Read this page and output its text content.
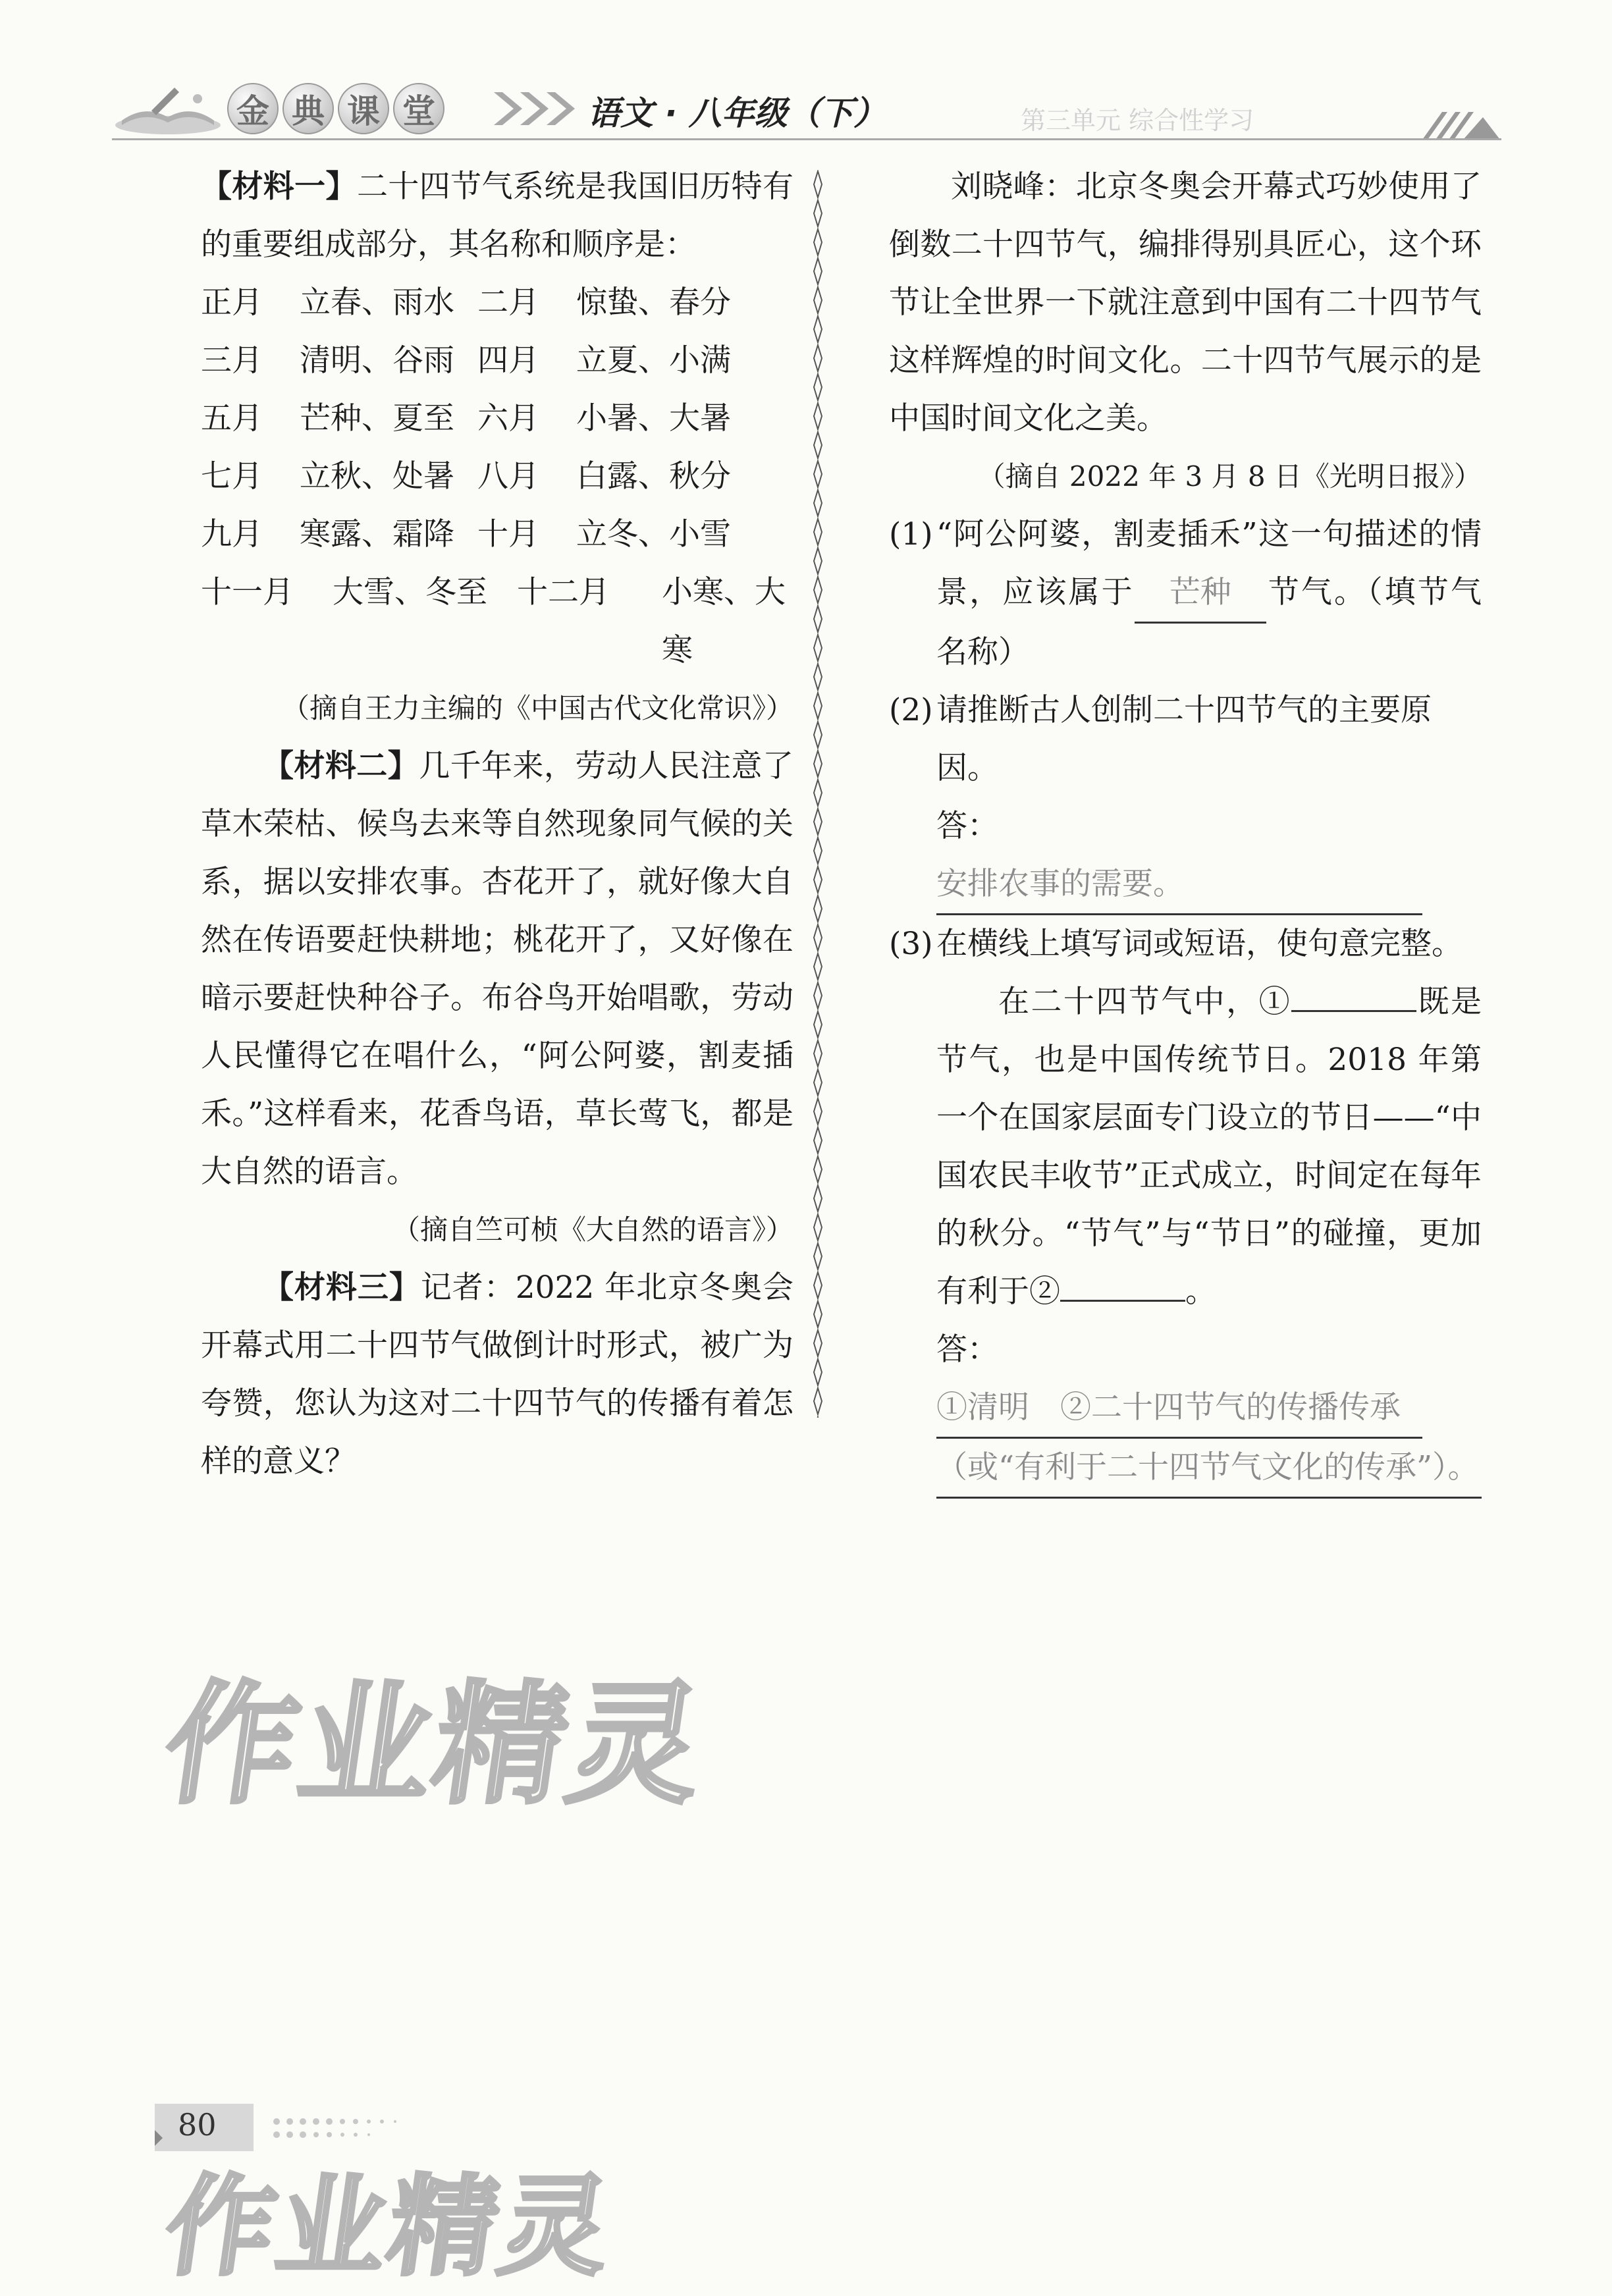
金 典 课 堂	语文 · 八年级（下）	第三单元 综合性学习

【材料一】二十四节气系统是我国旧历特有的重要组成部分，其名称和顺序是：

正月	立春、雨水 二月	惊蛰、春分
三月	清明、谷雨 四月	立夏、小满
五月	芒种、夏至 六月	小暑、大暑
七月	立秋、处暑 八月	白露、秋分
九月	寒露、霜降 十月	立冬、小雪
十一月	大雪、冬至 十二月	小寒、大寒

（摘自王力主编的《中国古代文化常识》）

【材料二】几千年来，劳动人民注意了草木荣枯、候鸟去来等自然现象同气候的关系，据以安排农事。杏花开了，就好像大自然在传语要赶快耕地；桃花开了，又好像在暗示要赶快种谷子。布谷鸟开始唱歌，劳动人民懂得它在唱什么，“阿公阿婆，割麦插禾。”这样看来，花香鸟语，草长莺飞，都是大自然的语言。

（摘自竺可桢《大自然的语言》）

【材料三】记者：2022 年北京冬奥会开幕式用二十四节气做倒计时形式，被广为夸赞，您认为这对二十四节气的传播有着怎样的意义？

刘晓峰：北京冬奥会开幕式巧妙使用了倒数二十四节气，编排得别具匠心，这个环节让全世界一下就注意到中国有二十四节气这样辉煌的时间文化。二十四节气展示的是中国时间文化之美。

（摘自 2022 年 3 月 8 日《光明日报》）

(1) “阿公阿婆，割麦插禾”这一句描述的情景，应该属于 芒种 节气。（填节气名称）
(2) 请推断古人创制二十四节气的主要原因。

答：安排农事的需要。

(3) 在横线上填写词或短语，使句意完整。

在二十四节气中，①	既是节气，也是中国传统节日。2018 年第一个在国家层面专门设立的节日——“中国农民丰收节”正式成立，时间定在每年的秋分。“节气”与“节日”的碰撞，更加有利于②	。

答：①清明　②二十四节气的传播传承
（或“有利于二十四节气文化的传承”）。

作业精灵
80
作业精灵
